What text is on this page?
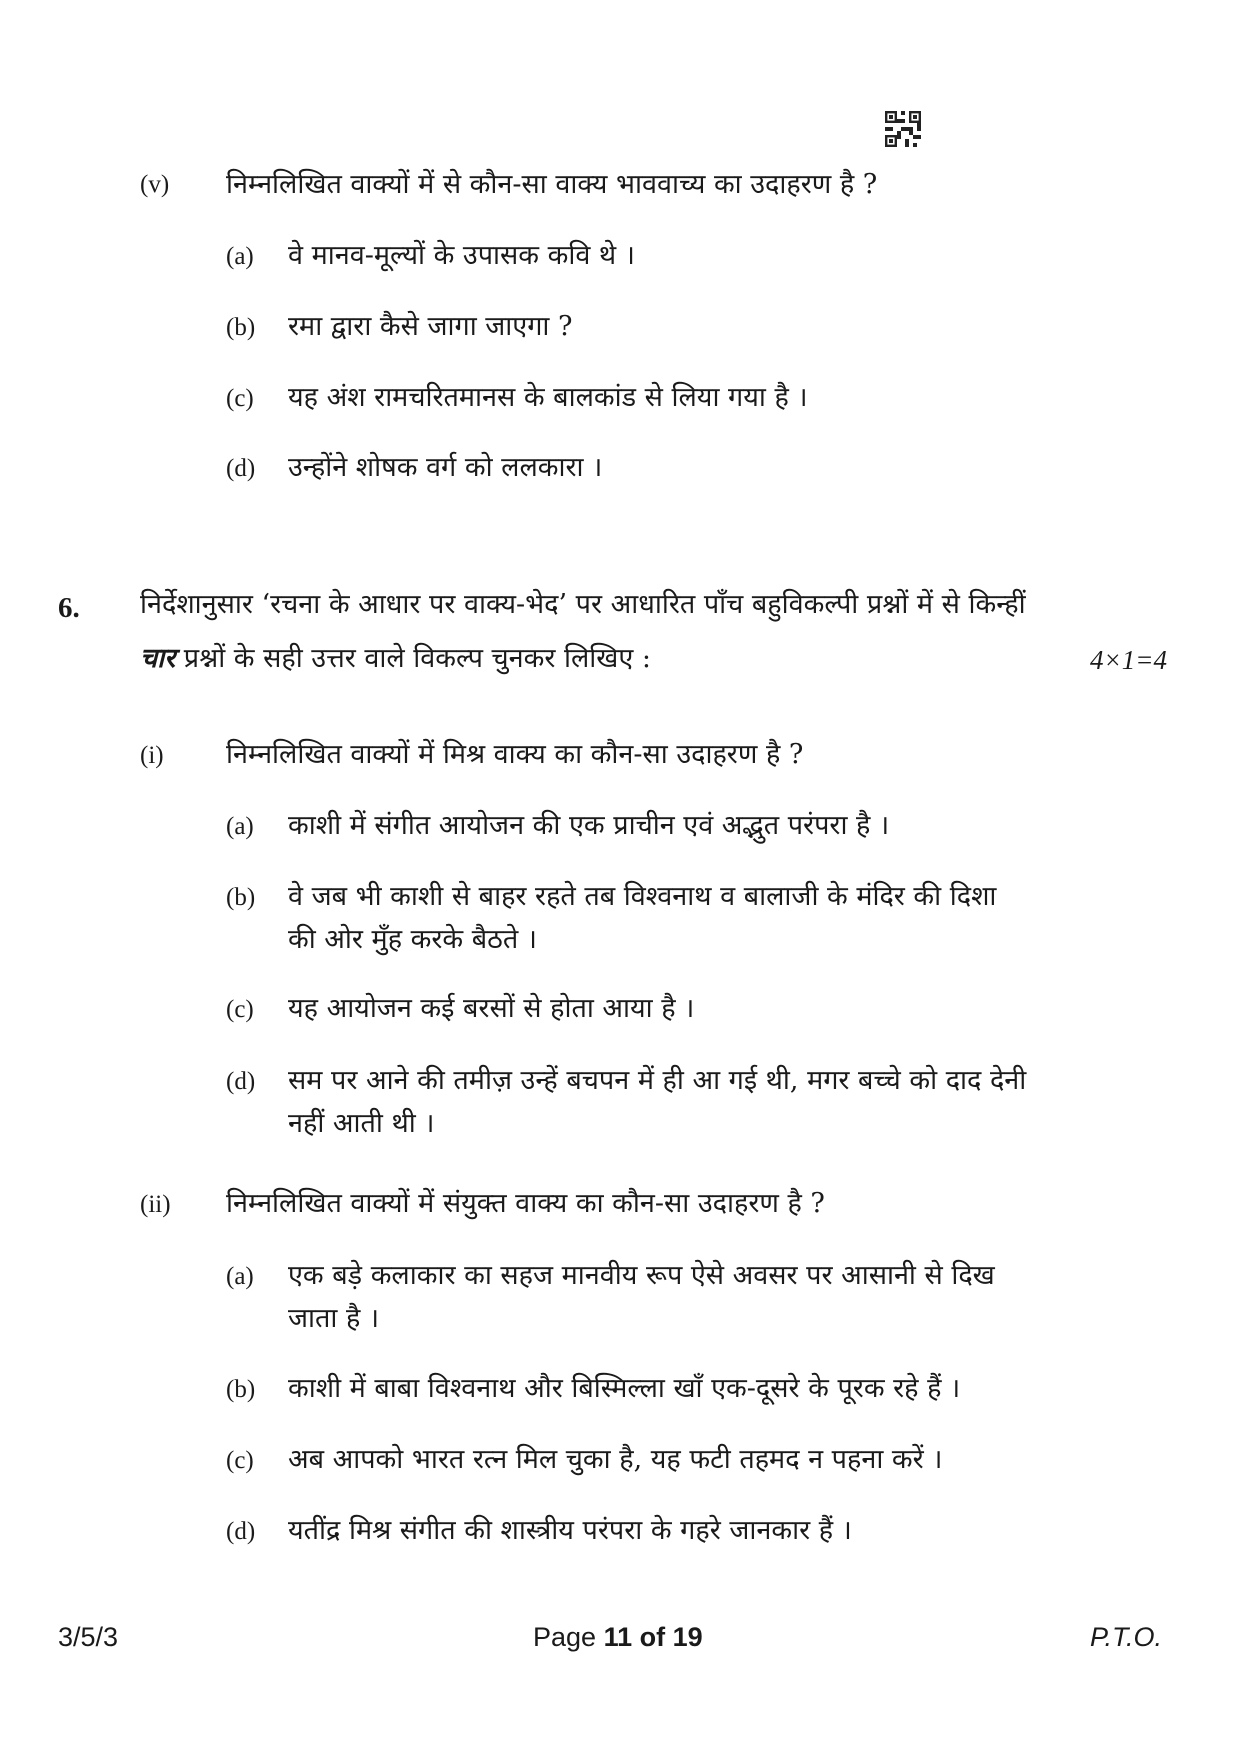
(v) निम्नलिखित वाक्यों में से कौन-सा वाक्य भाववाच्य का उदाहरण है ?
(a) वे मानव-मूल्यों के उपासक कवि थे ।
(b) रमा द्वारा कैसे जागा जाएगा ?
(c) यह अंश रामचरितमानस के बालकांड से लिया गया है ।
(d) उन्होंने शोषक वर्ग को ललकारा ।
6. निर्देशानुसार ‘रचना के आधार पर वाक्य-भेद’ पर आधारित पाँच बहुविकल्पी प्रश्नों में से किन्हीं
चार प्रश्नों के सही उत्तर वाले विकल्प चुनकर लिखिए :	4×1=4
(i) निम्नलिखित वाक्यों में मिश्र वाक्य का कौन-सा उदाहरण है ?
(a) काशी में संगीत आयोजन की एक प्राचीन एवं अद्भुत परंपरा है ।
(b) वे जब भी काशी से बाहर रहते तब विश्वनाथ व बालाजी के मंदिर की दिशा
की ओर मुँह करके बैठते ।
(c) यह आयोजन कई बरसों से होता आया है ।
(d) सम पर आने की तमीज़ उन्हें बचपन में ही आ गई थी, मगर बच्चे को दाद देनी
नहीं आती थी ।
(ii) निम्नलिखित वाक्यों में संयुक्त वाक्य का कौन-सा उदाहरण है ?
(a) एक बड़े कलाकार का सहज मानवीय रूप ऐसे अवसर पर आसानी से दिख
जाता है ।
(b) काशी में बाबा विश्वनाथ और बिस्मिल्ला खाँ एक-दूसरे के पूरक रहे हैं ।
(c) अब आपको भारत रत्न मिल चुका है, यह फटी तहमद न पहना करें ।
(d) यतींद्र मिश्र संगीत की शास्त्रीय परंपरा के गहरे जानकार हैं ।
3/5/3	Page 11 of 19	P.T.O.
